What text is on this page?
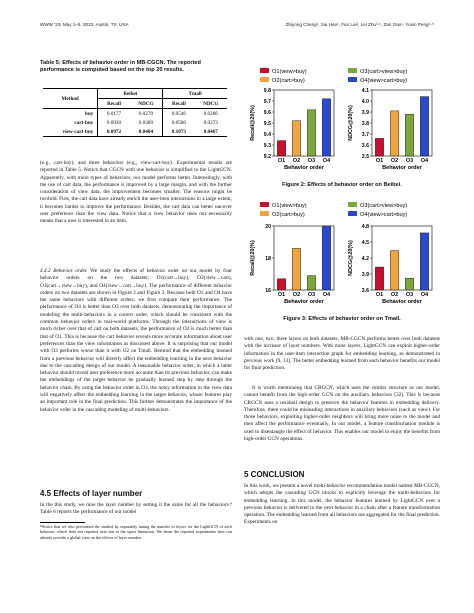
WWW '23, May 1–5, 2023, Austin, TX, USA	Zhiyong Cheng¹, Sai Han¹, Fan Liu², Lei Zhu³·⁵, Zan Gao¹, Yuxin Peng⁴·⁵
Table 5: Effects of behavior order in MB-CGCN. The reported performance is computed based on the top 20 results.
Method	Beibei		Tmall	
	Recall	NDCG	Recall	NDCG
buy	0.0177	0.0270	0.0546	0.0266
cart-buy	0.0930	0.0389	0.0586	0.0273
view-cart-buy	0.0972	0.0404	0.1073	0.0467

(e.g., cart-buy), and three behaviors (e.g., view-cart-buy). Experimental results are reported in Table 5. Notice that CGCN with one behavior is simplified to the LightGCN. Apparently, with more types of behaviors, our model performs better. Interestingly, with the use of cart data, the performance is improved by a large margin, and with the further consideration of view data, the improvement becomes smaller. The reasons might be twofold. First, the cart data have already enrich the user-item interactions to a large extent, it becomes harder to improve the performance. Besides, the cart data can better uncover user preference than the view data. Notice that a view behavior does not necessarily means that a user is interested in an item.

4.4.2 Behavior order. We study the effects of behavior order on our model by four behavior orders on the two datasets: O1(cart→buy), O2(view→cart), O3(cart→view→buy), and O4(view→cart→buy). The performance of different behavior orders on two datasets are shown in Figure 2 and Figure 3. Because both O3 and O4 have the same behaviors with different orders, we first compare their performance. The performance of O4 is better than O3 over both datasets, demonstrating the importance of modeling the multi-behaviors in a correct order, which should be consistent with the common behavior orders in real-world platforms. Through the interactions of view is much richer over that of cart on both datasets, the performance of O2 is much better than that of O1. This is because the cart behavior reveals more accurate information about user preferences than the view information as discussed above. It is surprising that our model with O3 performs worse than it with O2 on Tmall. Remind that the embedding learned from a previous behavior will directly affect the embedding learning in the next behavior due to the cascading design of our model. A reasonable behavior order, in which a latter behavior should reveal user preference more accurate than its previous behavior, can make the embeddings of the target behavior be gradually learned step by step through the behavior chain. By using the behavior order in O3, the noisy information in the view data will negatively affect the embedding learning in the target behavior, whose features play an important role in the final prediction. This further demonstrates the importance of the behavior order in the cascading modeling of multi-behaviors.

4.5 Effects of layer number

In the this study, we tune the layer number by setting it the same for all the behaviors.⁸ Table 6 reports the performance of our model

⁸Notice that we also performed the studied by separately tuning the number of layers for the LightGCN of each behavior, which does not reported here due to the space limitation. We deem the reported experiments here can already provide a global view on the effects of layer number.
O1(view>buy)
O2(cart>buy)
O3(cart>view>buy)
O4(view>cart>buy)
9.2
9.3
9.4
9.5
9.6
9.7
9.8
O1 O2 O3 O4
Behavior order
Recall@20(%)
3.5
3.6
3.7
3.8
3.9
4.0
4.1
O1 O2 O3 O4
Behavior order
NDCG@20(%)
Figure 2: Effects of behavior order on Beibei.
O1(view>buy)
O2(cart>buy)
O3(cart>view>buy)
O4(view>cart>buy)
16
18
20
O1 O2 O3 O4
Behavior order
Recall@20(%)
3.6
3.9
4.2
4.5
4.8
O1 O2 O3 O4
Behavior order
NDCG@20(%)
Figure 3: Effects of behavior order on Tmall.

with one, two, three layers on both datasets. MB-CGCN performs better over both datasets with the increase of layer numbers. With more layers, LightGCN can exploit higher-order information in the user-item interaction graph for embedding learning, as demonstrated in previous work [9, 13]. The better embedding learned from each behavior benefits our model for final prediction.

It is worth mentioning that CRGCN, which uses the similar structure as our model, cannot benefit from the high-order GCN on the auxiliary behaviors [32]. This is because CRGCN uses a residual design to preserve the behavior features in embedding delivery. Therefore, there could be misleading interactions in auxiliary behaviors (such as view). For those behaviors, exploiting higher-order neighbors will bring more noise to the model and then affect the performance eventually. In our model, a feature transformation module is used to disentangle the effect of behavior. This enables our model to enjoy the benefits from high-order GCN operations.

5 CONCLUSION

In this work, we present a novel multi-behavior recommendation model named MB-CGCN, which adopts the cascading GCN blocks to explicitly leverage the multi-behaviors for embedding learning. In this model, the behavior features learned by LightGCN over a previous behavior is delivered to the next behavior in a chain after a feature transformation operation. The embedding learned from all behaviors are aggregated for the final prediction. Experiments on
